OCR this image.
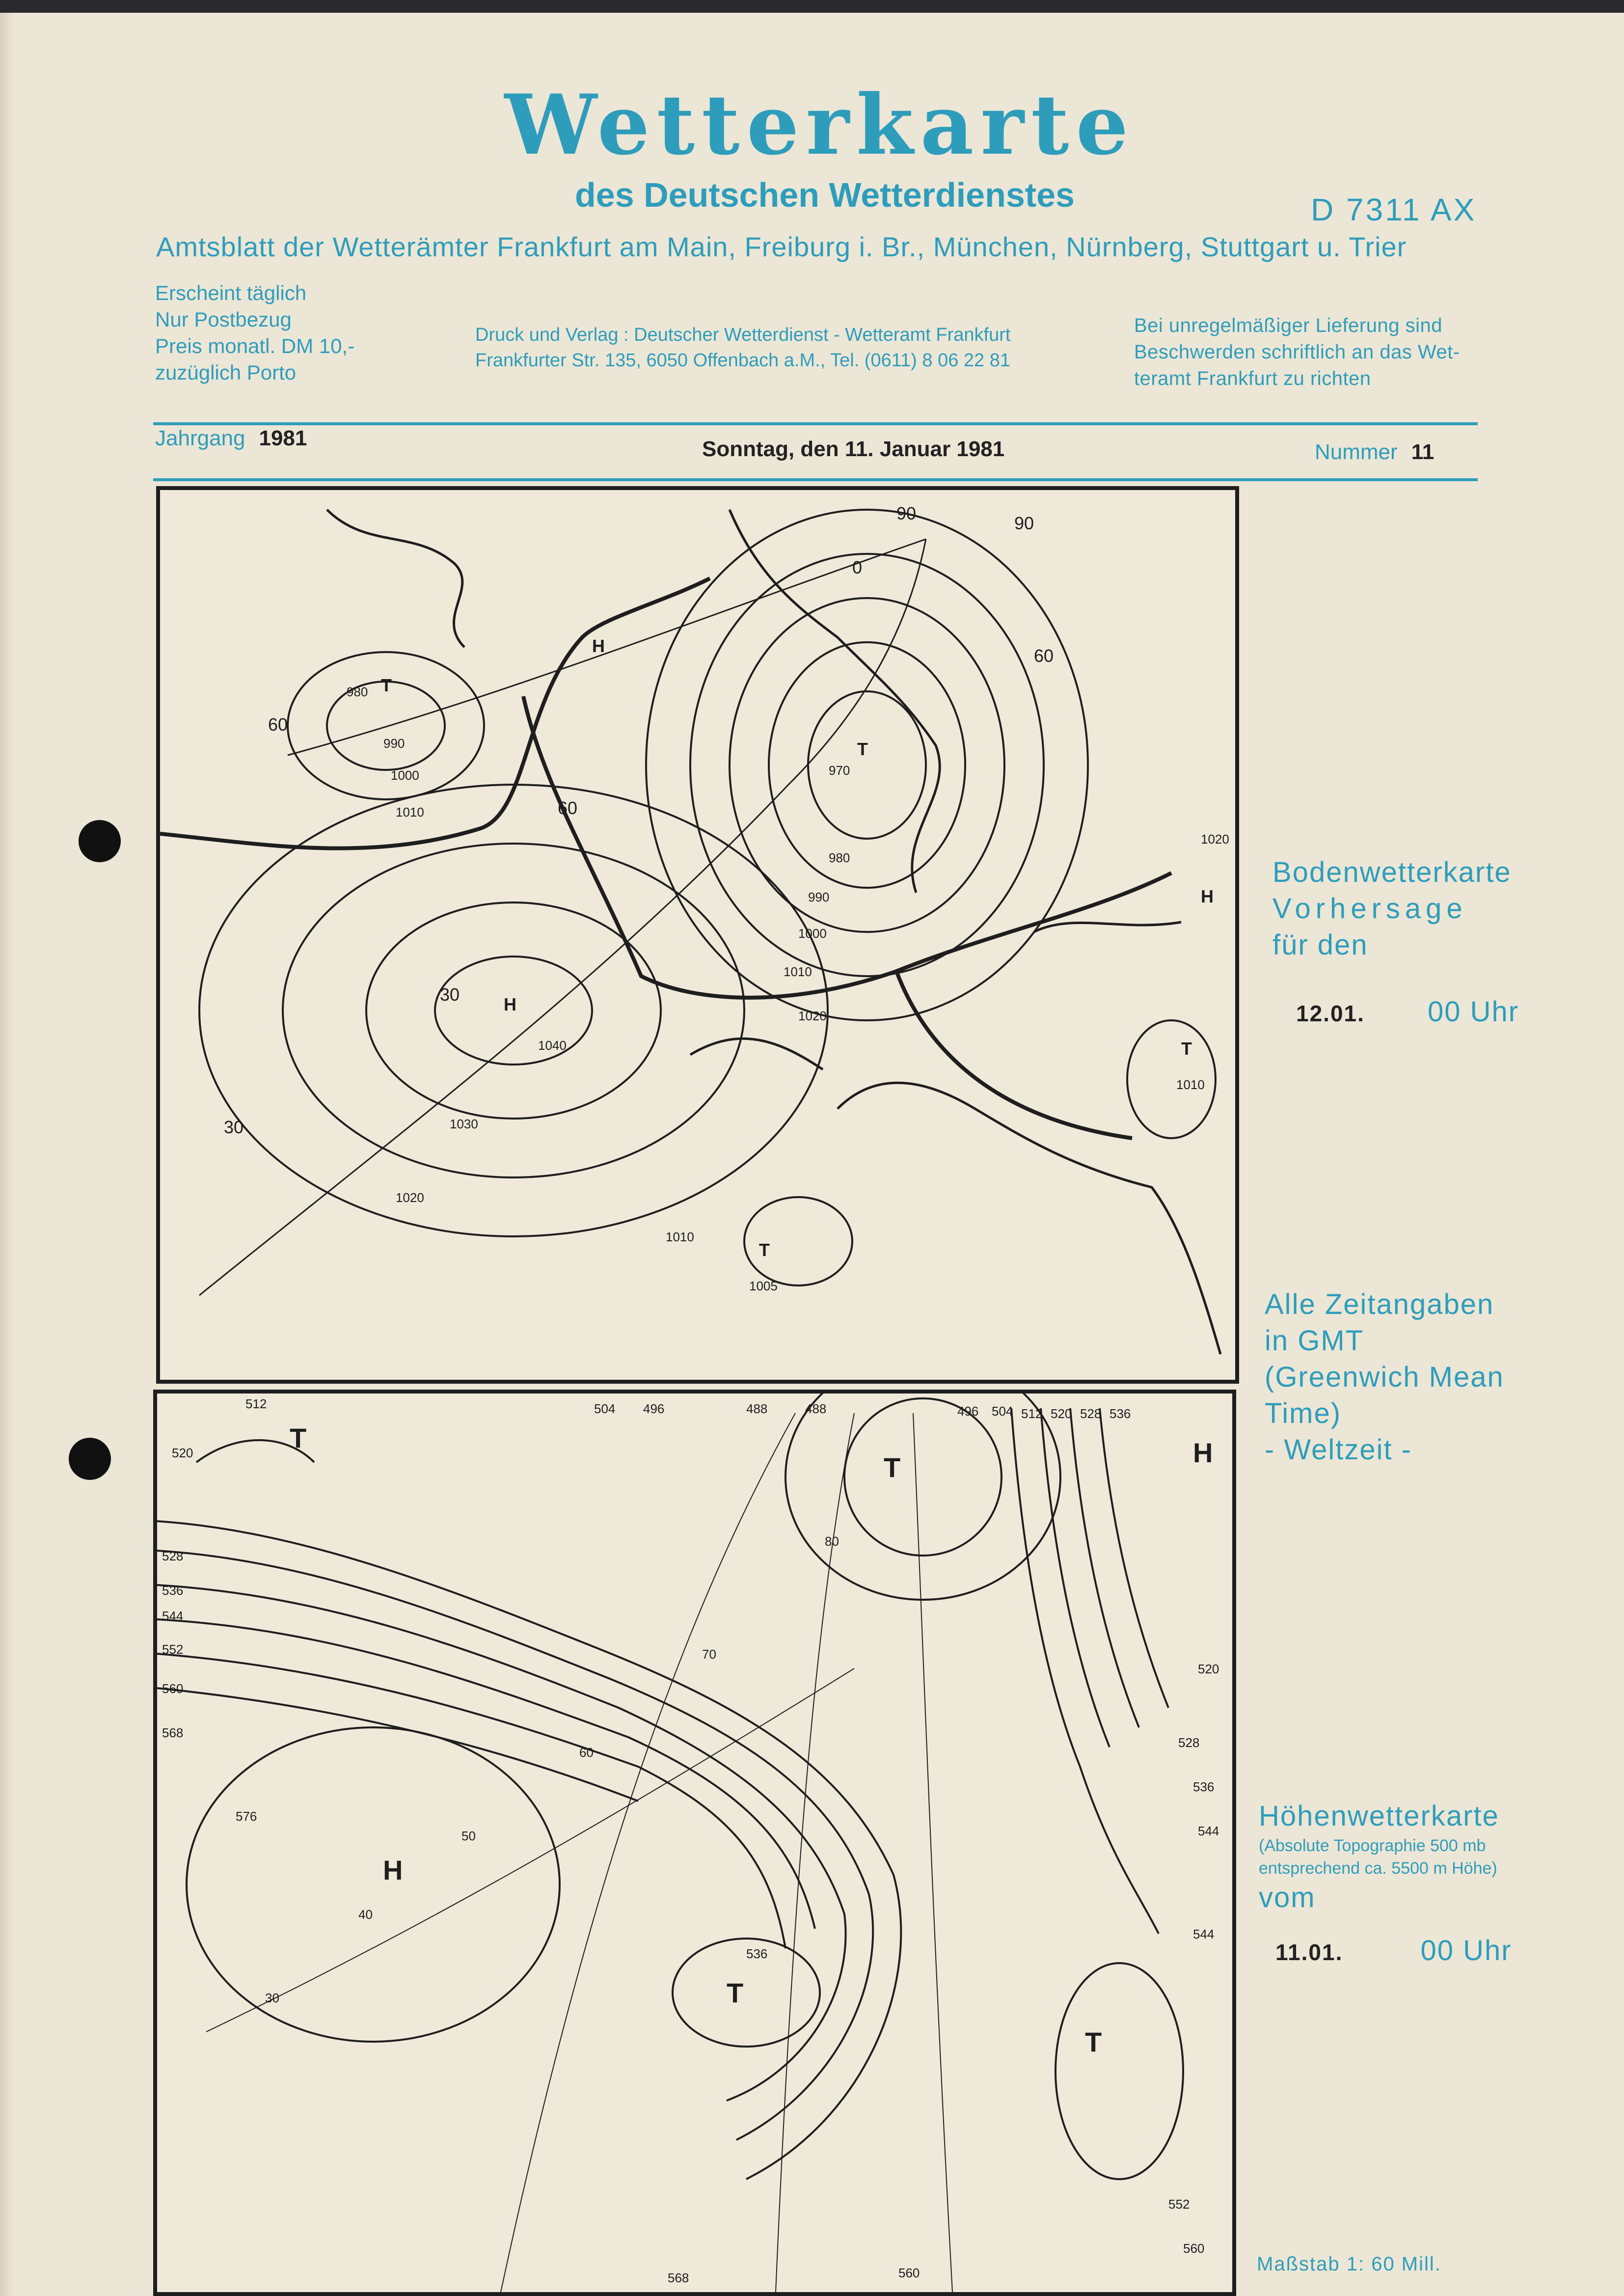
Wetterkarte
des Deutschen Wetterdienstes	D 7311 AX
Amtsblatt der Wetterämter Frankfurt am Main, Freiburg i. Br., München, Nürnberg, Stuttgart u. Trier
Erscheint täglich
Nur Postbezug
Preis monatl. DM 10,-
zuzüglich Porto
Druck und Verlag : Deutscher Wetterdienst - Wetteramt Frankfurt
Frankfurter Str. 135, 6050 Offenbach a.M., Tel. (0611) 8 06 22 81
Bei unregelmäßiger Lieferung sind
Beschwerden schriftlich an das Wet-
teramt Frankfurt zu richten
Jahrgang 1981	Sonntag, den 11. Januar 1981	Nummer 11
980
990
1000
1010
970
980
990
1000
1010
1020
1040
1030
1020
1010
1005
1010
1020
T
H
T
H
T
H
T
60
60
90	90
30
30
60
0
512	504 496	488	488	496 504 512 520 528 536
520
528
536
544
552
560
568
576
520
528
536
544
544
552
560
536
568	560
80
70
60
50
40
30
T
T	H
H
T
T
Bodenwetterkarte
Vorhersage
für den
12.01. 00 Uhr
Alle Zeitangaben
in GMT
(Greenwich Mean
Time)
- Weltzeit -
Höhenwetterkarte
(Absolute Topographie 500 mb
entsprechend ca. 5500 m Höhe)
vom
11.01.	00 Uhr
Maßstab 1: 60 Mill.
